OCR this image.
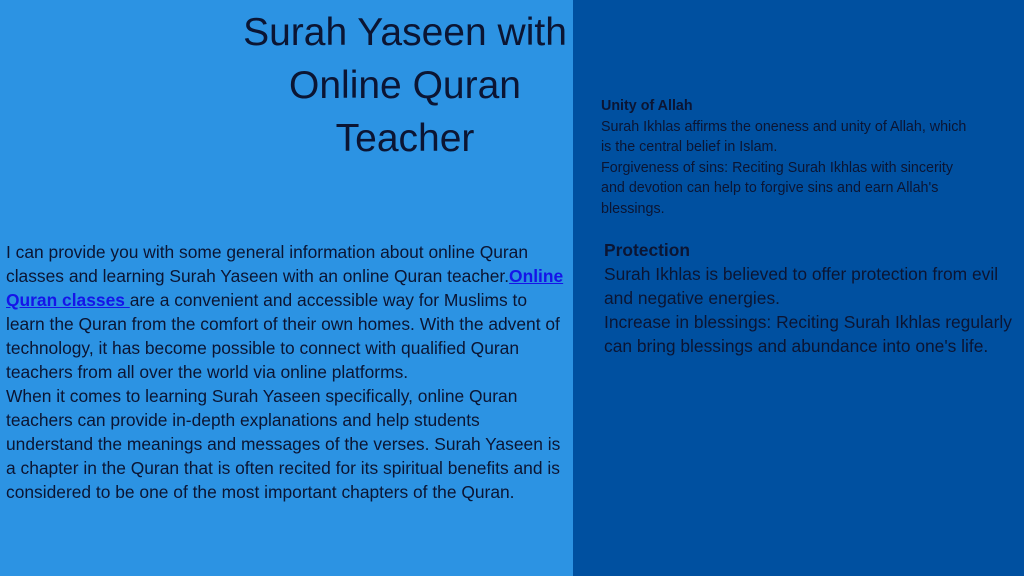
Surah Yaseen with Online Quran Teacher
I can provide you with some general information about online Quran classes and learning Surah Yaseen with an online Quran teacher.Online Quran classes are a convenient and accessible way for Muslims to learn the Quran from the comfort of their own homes. With the advent of technology, it has become possible to connect with qualified Quran teachers from all over the world via online platforms.
When it comes to learning Surah Yaseen specifically, online Quran teachers can provide in-depth explanations and help students understand the meanings and messages of the verses. Surah Yaseen is a chapter in the Quran that is often recited for its spiritual benefits and is considered to be one of the most important chapters of the Quran.
Unity of Allah
Surah Ikhlas affirms the oneness and unity of Allah, which is the central belief in Islam.
Forgiveness of sins: Reciting Surah Ikhlas with sincerity and devotion can help to forgive sins and earn Allah's blessings.
Protection
Surah Ikhlas is believed to offer protection from evil and negative energies.
Increase in blessings: Reciting Surah Ikhlas regularly can bring blessings and abundance into one's life.
